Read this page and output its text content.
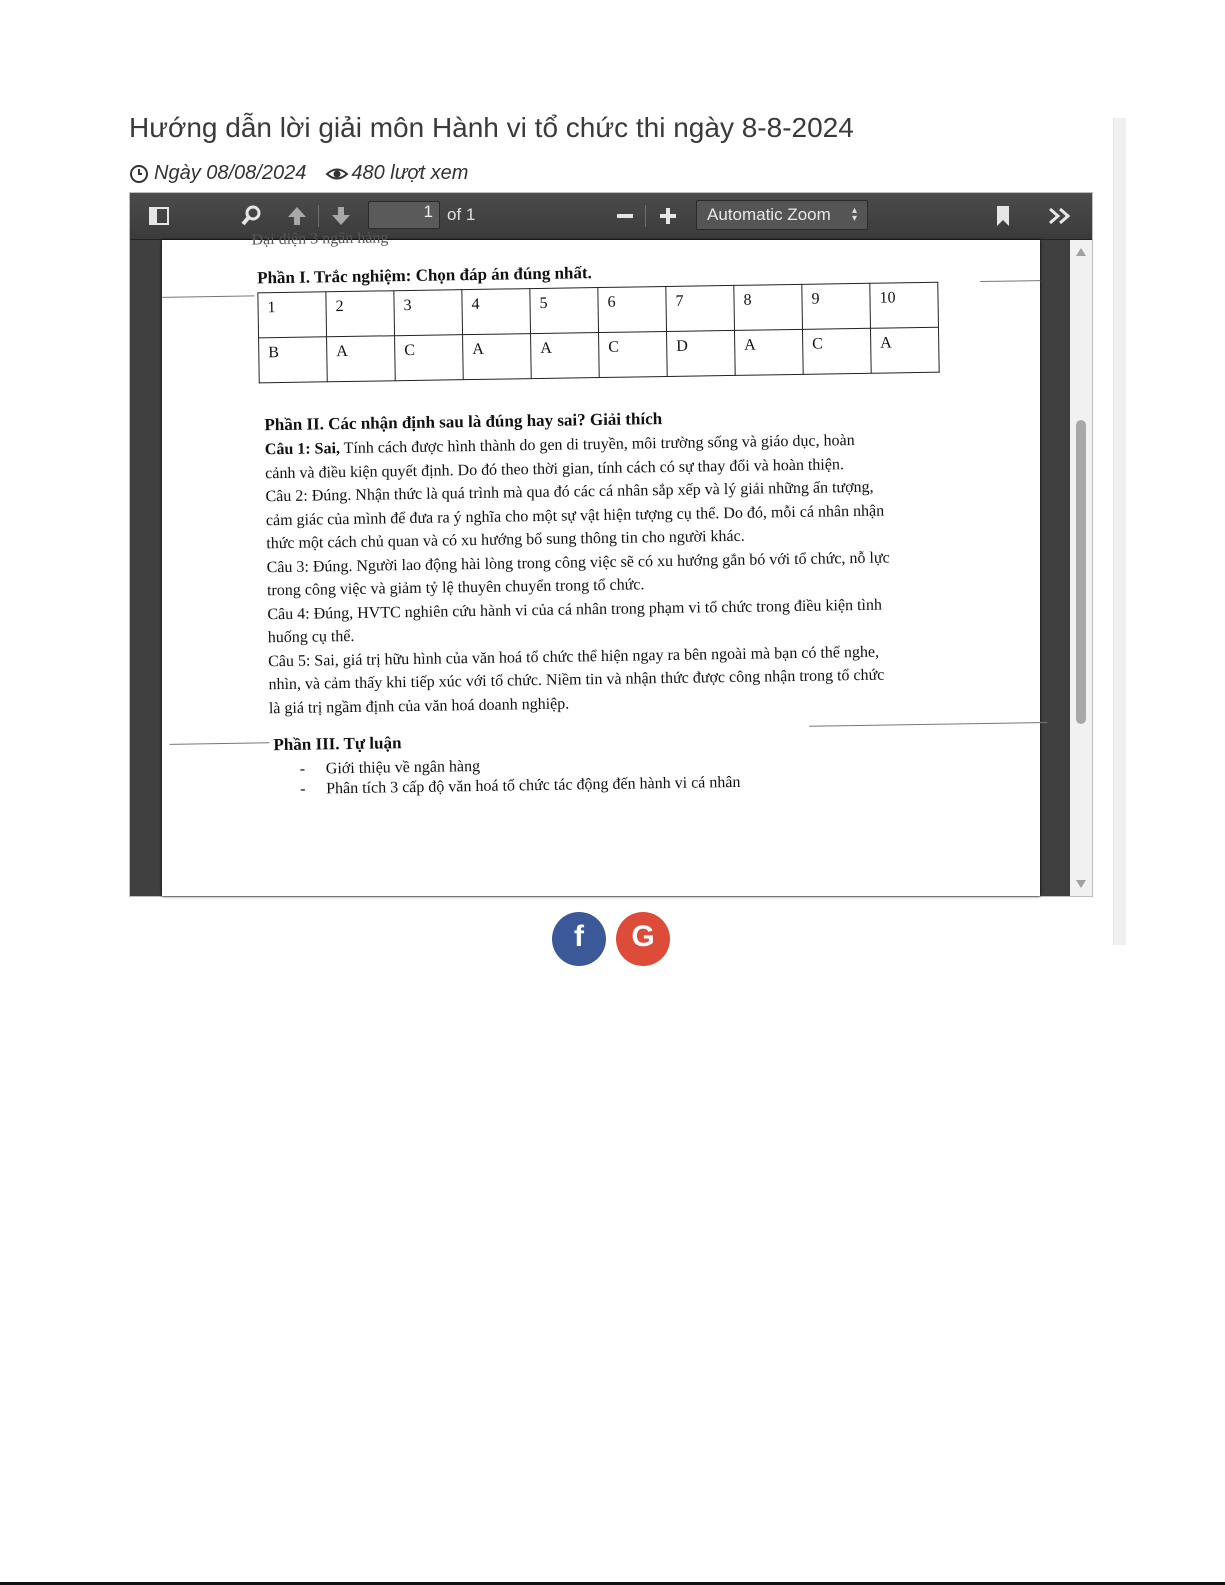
Hướng dẫn lời giải môn Hành vi tổ chức thi ngày 8-8-2024
Ngày 08/08/2024 480 lượt xem
1 of 1	Automatic Zoom ▴
▾
Đại diện 3 ngân hàng
Phần I. Trắc nghiệm: Chọn đáp án đúng nhất.
1	2	3	4	5	6	7	8	9	10
B	A	C	A	A	C	D	A	C	A
Phần II. Các nhận định sau là đúng hay sai? Giải thích
Câu 1: Sai, Tính cách được hình thành do gen di truyền, môi trường sống và giáo dục, hoàn
cảnh và điều kiện quyết định. Do đó theo thời gian, tính cách có sự thay đổi và hoàn thiện.
Câu 2: Đúng. Nhận thức là quá trình mà qua đó các cá nhân sắp xếp và lý giải những ấn tượng,
cảm giác của mình để đưa ra ý nghĩa cho một sự vật hiện tượng cụ thể. Do đó, mỗi cá nhân nhận
thức một cách chủ quan và có xu hướng bổ sung thông tin cho người khác.
Câu 3: Đúng. Người lao động hài lòng trong công việc sẽ có xu hướng gắn bó với tổ chức, nỗ lực
trong công việc và giảm tỷ lệ thuyên chuyển trong tổ chức.
Câu 4: Đúng, HVTC nghiên cứu hành vi của cá nhân trong phạm vi tổ chức trong điều kiện tình
huống cụ thể.
Câu 5: Sai, giá trị hữu hình của văn hoá tổ chức thể hiện ngay ra bên ngoài mà bạn có thể nghe,
nhìn, và cảm thấy khi tiếp xúc với tổ chức. Niềm tin và nhận thức được công nhận trong tổ chức
là giá trị ngầm định của văn hoá doanh nghiệp.
Phần III. Tự luận
- Giới thiệu về ngân hàng
- Phân tích 3 cấp độ văn hoá tổ chức tác động đến hành vi cá nhân
f G
